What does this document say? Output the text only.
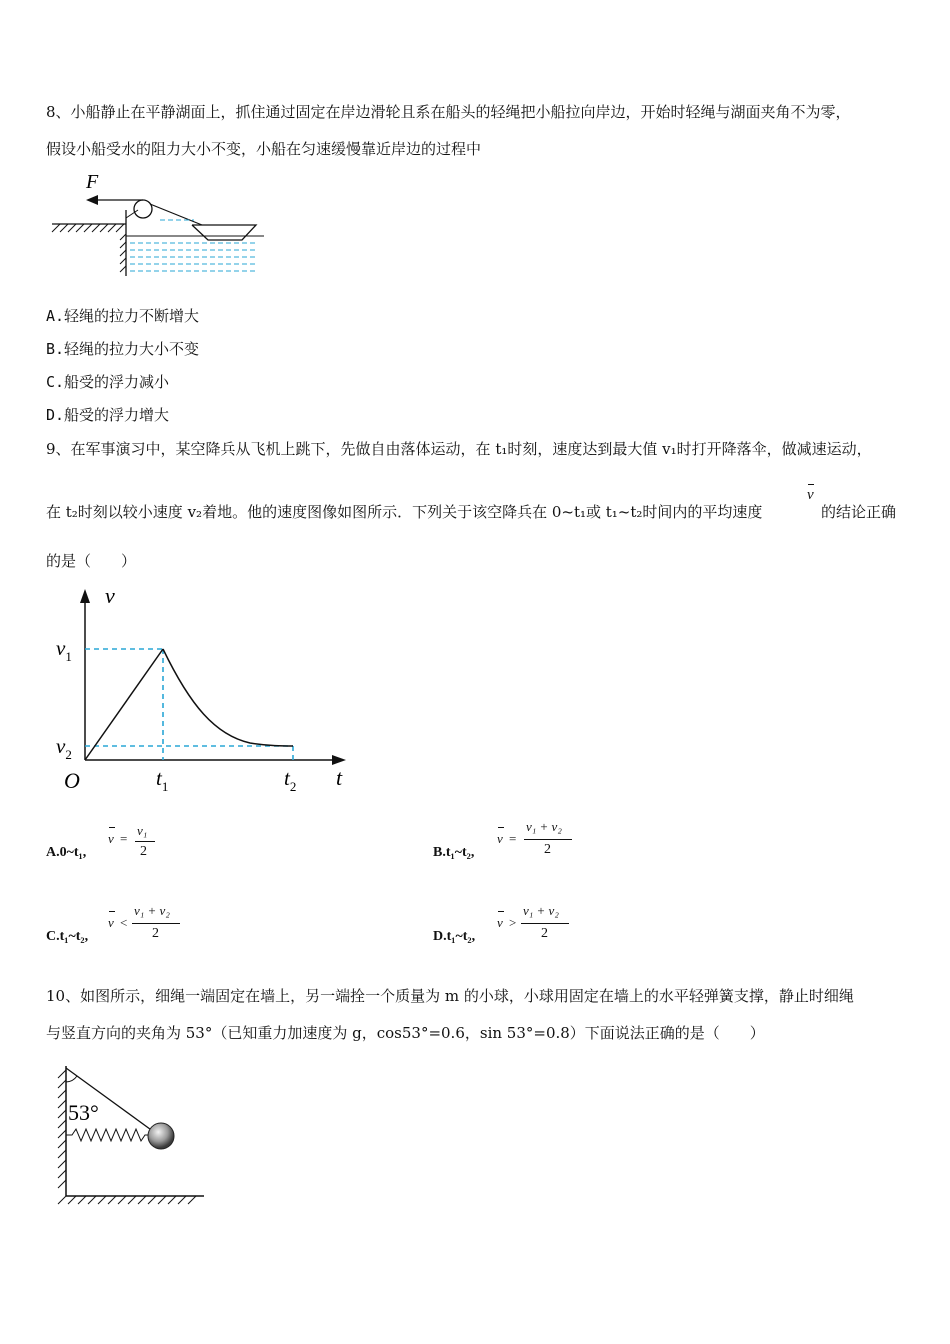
8、小船静止在平静湖面上，抓住通过固定在岸边滑轮且系在船头的轻绳把小船拉向岸边，开始时轻绳与湖面夹角不为零，
假设小船受水的阻力大小不变，小船在匀速缓慢靠近岸边的过程中
F
A.轻绳的拉力不断增大
B.轻绳的拉力大小不变
C.船受的浮力减小
D.船受的浮力增大
9、在军事演习中，某空降兵从飞机上跳下，先做自由落体运动，在 t₁时刻，速度达到最大值 v₁时打开降落伞，做减速运动，
在 t₂时刻以较小速度 v₂着地。他的速度图像如图所示．下列关于该空降兵在 0~t₁或 t₁~t₂时间内的平均速度
v
的结论正确
的是（　　）
v
t
O
$v_1$
$v_2$
$t_1$	$t_2$
A.0~t₁,
v =
v₁
2	B.t₁~t₂,
v =
v₁ + v₂
2
C.t₁~t₂,
v <
v₁ + v₂
2	D.t₁~t₂,
v >
v₁ + v₂
2
10、如图所示，细绳一端固定在墙上，另一端拴一个质量为 m 的小球，小球用固定在墙上的水平轻弹簧支撑，静止时细绳
与竖直方向的夹角为 53°（已知重力加速度为 g，cos53°=0.6，sin 53°=0.8）下面说法正确的是（　　）
53°
